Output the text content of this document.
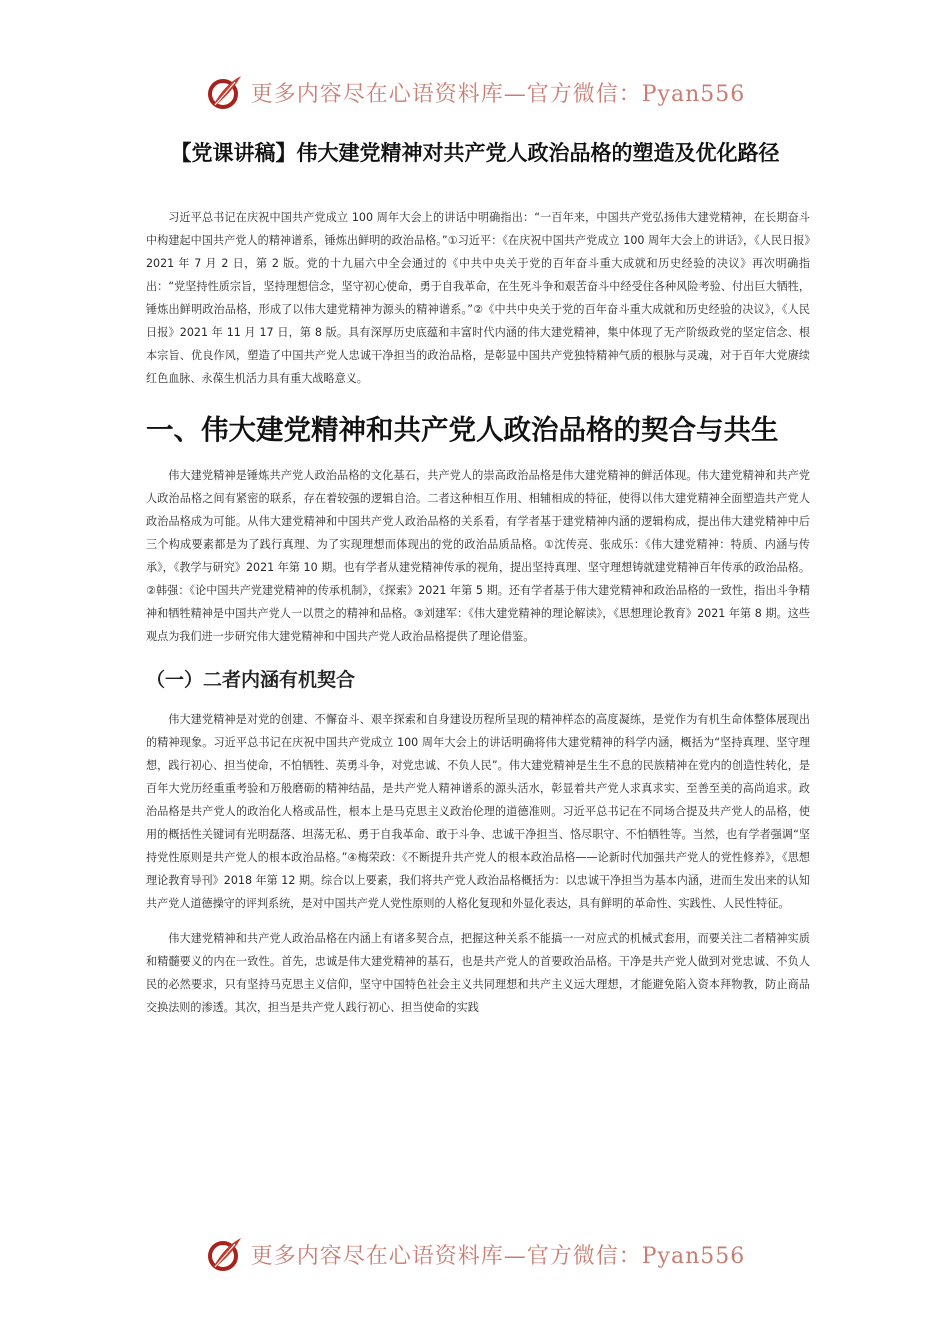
更多内容尽在心语资料库—官方微信：Pyan556
【党课讲稿】伟大建党精神对共产党人政治品格的塑造及优化路径

习近平总书记在庆祝中国共产党成立 100 周年大会上的讲话中明确指出：“一百年来，中国共产党弘扬伟大建党精神，在长期奋斗中构建起中国共产党人的精神谱系，锤炼出鲜明的政治品格。”①习近平：《在庆祝中国共产党成立 100 周年大会上的讲话》，《人民日报》2021 年 7 月 2 日，第 2 版。党的十九届六中全会通过的《中共中央关于党的百年奋斗重大成就和历史经验的决议》再次明确指出：“党坚持性质宗旨，坚持理想信念，坚守初心使命，勇于自我革命，在生死斗争和艰苦奋斗中经受住各种风险考验、付出巨大牺牲，锤炼出鲜明政治品格，形成了以伟大建党精神为源头的精神谱系。”②《中共中央关于党的百年奋斗重大成就和历史经验的决议》，《人民日报》2021 年 11 月 17 日，第 8 版。具有深厚历史底蕴和丰富时代内涵的伟大建党精神，集中体现了无产阶级政党的坚定信念、根本宗旨、优良作风，塑造了中国共产党人忠诚干净担当的政治品格，是彰显中国共产党独特精神气质的根脉与灵魂，对于百年大党赓续红色血脉、永葆生机活力具有重大战略意义。

一、伟大建党精神和共产党人政治品格的契合与共生

伟大建党精神是锤炼共产党人政治品格的文化基石，共产党人的崇高政治品格是伟大建党精神的鲜活体现。伟大建党精神和共产党人政治品格之间有紧密的联系，存在着较强的逻辑自洽。二者这种相互作用、相辅相成的特征，使得以伟大建党精神全面塑造共产党人政治品格成为可能。从伟大建党精神和中国共产党人政治品格的关系看，有学者基于建党精神内涵的逻辑构成，提出伟大建党精神中后三个构成要素都是为了践行真理、为了实现理想而体现出的党的政治品质品格。①沈传亮、张成乐：《伟大建党精神：特质、内涵与传承》，《教学与研究》2021 年第 10 期。也有学者从建党精神传承的视角，提出坚持真理、坚守理想铸就建党精神百年传承的政治品格。②韩强：《论中国共产党建党精神的传承机制》，《探索》2021 年第 5 期。还有学者基于伟大建党精神和政治品格的一致性，指出斗争精神和牺牲精神是中国共产党人一以贯之的精神和品格。③刘建军：《伟大建党精神的理论解读》，《思想理论教育》2021 年第 8 期。这些观点为我们进一步研究伟大建党精神和中国共产党人政治品格提供了理论借鉴。

（一）二者内涵有机契合

伟大建党精神是对党的创建、不懈奋斗、艰辛探索和自身建设历程所呈现的精神样态的高度凝练，是党作为有机生命体整体展现出的精神现象。习近平总书记在庆祝中国共产党成立 100 周年大会上的讲话明确将伟大建党精神的科学内涵，概括为“坚持真理、坚守理想，践行初心、担当使命，不怕牺牲、英勇斗争，对党忠诚、不负人民”。伟大建党精神是生生不息的民族精神在党内的创造性转化，是百年大党历经重重考验和万般磨砺的精神结晶，是共产党人精神谱系的源头活水，彰显着共产党人求真求实、至善至美的高尚追求。政治品格是共产党人的政治化人格或品性，根本上是马克思主义政治伦理的道德准则。习近平总书记在不同场合提及共产党人的品格，使用的概括性关键词有光明磊落、坦荡无私、勇于自我革命、敢于斗争、忠诚干净担当、恪尽职守、不怕牺牲等。当然，也有学者强调“坚持党性原则是共产党人的根本政治品格。”④梅荣政：《不断提升共产党人的根本政治品格——论新时代加强共产党人的党性修养》，《思想理论教育导刊》2018 年第 12 期。综合以上要素，我们将共产党人政治品格概括为：以忠诚干净担当为基本内涵，进而生发出来的认知共产党人道德操守的评判系统，是对中国共产党人党性原则的人格化复现和外显化表达，具有鲜明的革命性、实践性、人民性特征。

伟大建党精神和共产党人政治品格在内涵上有诸多契合点，把握这种关系不能搞一一对应式的机械式套用，而要关注二者精神实质和精髓要义的内在一致性。首先，忠诚是伟大建党精神的基石，也是共产党人的首要政治品格。干净是共产党人做到对党忠诚、不负人民的必然要求，只有坚持马克思主义信仰，坚守中国特色社会主义共同理想和共产主义远大理想，才能避免陷入资本拜物教，防止商品交换法则的渗透。其次，担当是共产党人践行初心、担当使命的实践

更多内容尽在心语资料库—官方微信：Pyan556
